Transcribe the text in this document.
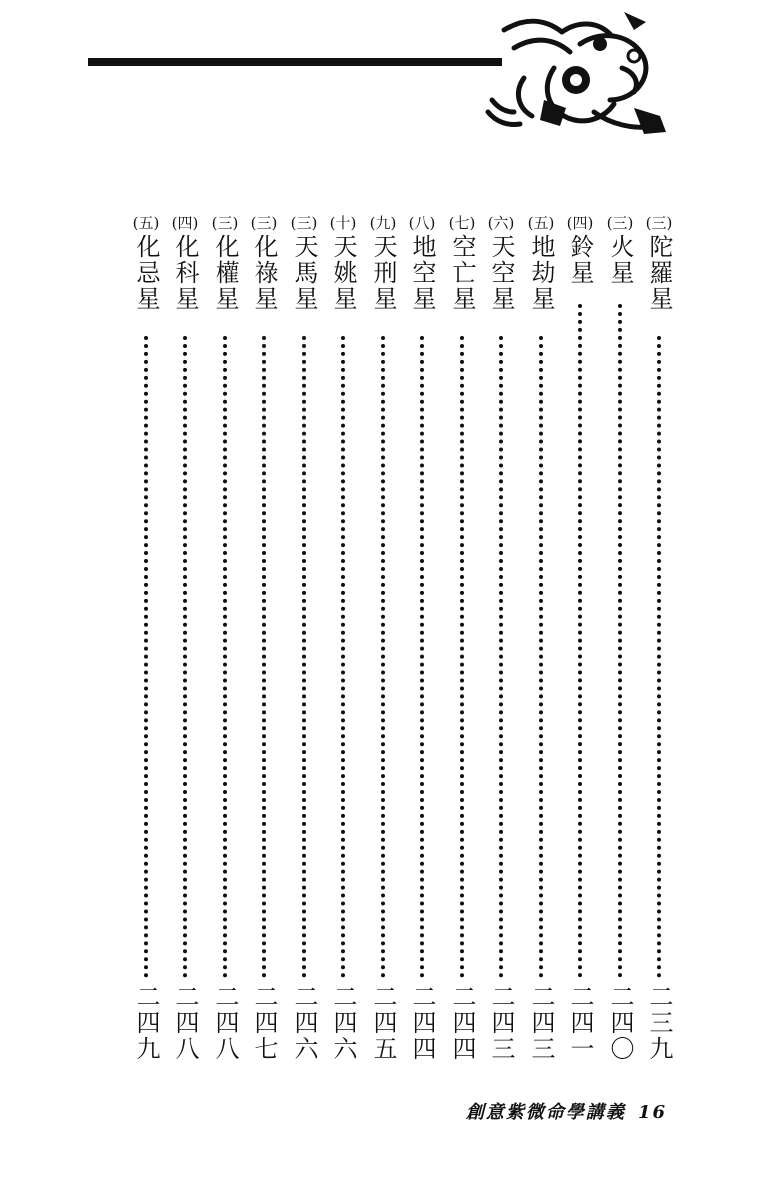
(三)
陀羅星
二三九
(三)
火星
二四〇
(四)
鈴星
二四一
(五)
地劫星
二四三
(六)
天空星
二四三
(七)
空亡星
二四四
(八)
地空星
二四四
(九)
天刑星
二四五
(十)
天姚星
二四六
(三)
天馬星
二四六
(三)
化祿星
二四七
(三)
化權星
二四八
(四)
化科星
二四八
(五)
化忌星
二四九
創意紫微命學講義 16
